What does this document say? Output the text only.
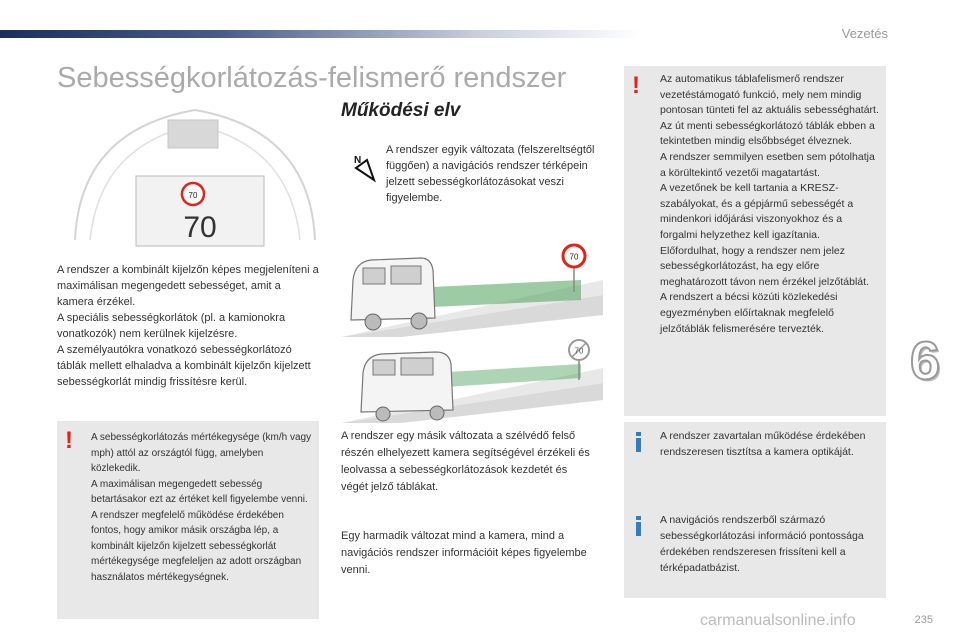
Vezetés
Sebességkorlátozás-felismerő rendszer
70
70
A rendszer a kombinált kijelzőn képes megjeleníteni a maximálisan megengedett sebességet, amit a kamera érzékel.
A speciális sebességkorlátok (pl. a kamionokra vonatkozók) nem kerülnek kijelzésre.
A személyautókra vonatkozó sebességkorlátozó táblák mellett elhaladva a kombinált kijelzőn kijelzett sebességkorlát mindig frissítésre kerül.
! A sebességkorlátozás mértékegysége (km/h vagy mph) attól az országtól függ, amelyben közlekedik.
A maximálisan megengedett sebesség betartásakor ezt az értéket kell figyelembe venni.
A rendszer megfelelő működése érdekében fontos, hogy amikor másik országba lép, a kombinált kijelzőn kijelzett sebességkorlát mértékegysége megfeleljen az adott országban használatos mértékegységnek.
Működési elv
N
A rendszer egyik változata (felszereltségtől függően) a navigációs rendszer térképein jelzett sebességkorlátozásokat veszi figyelembe.
70
70
A rendszer egy másik változata a szélvédő felső részén elhelyezett kamera segítségével érzékeli és leolvassa a sebességkorlátozások kezdetét és végét jelző táblákat.
Egy harmadik változat mind a kamera, mind a navigációs rendszer információit képes figyelembe venni.
! Az automatikus táblafelismerő rendszer vezetéstámogató funkció, mely nem mindig pontosan tünteti fel az aktuális sebességhatárt.
Az út menti sebességkorlátozó táblák ebben a tekintetben mindig elsőbbséget élveznek.
A rendszer semmilyen esetben sem pótolhatja a körültekintő vezetői magatartást.
A vezetőnek be kell tartania a KRESZ-szabályokat, és a gépjármű sebességét a mindenkori időjárási viszonyokhoz és a forgalmi helyzethez kell igazítania.
Előfordulhat, hogy a rendszer nem jelez sebességkorlátozást, ha egy előre meghatározott távon nem érzékel jelzőtáblát.
A rendszert a bécsi közúti közlekedési egyezményben előírtaknak megfelelő jelzőtáblák felismerésére tervezték.
A rendszer zavartalan működése érdekében rendszeresen tisztítsa a kamera optikáját.
A navigációs rendszerből származó sebességkorlátozási információ pontossága érdekében rendszeresen frissíteni kell a térképadatbázist.
6
235
carmanualsonline.info
